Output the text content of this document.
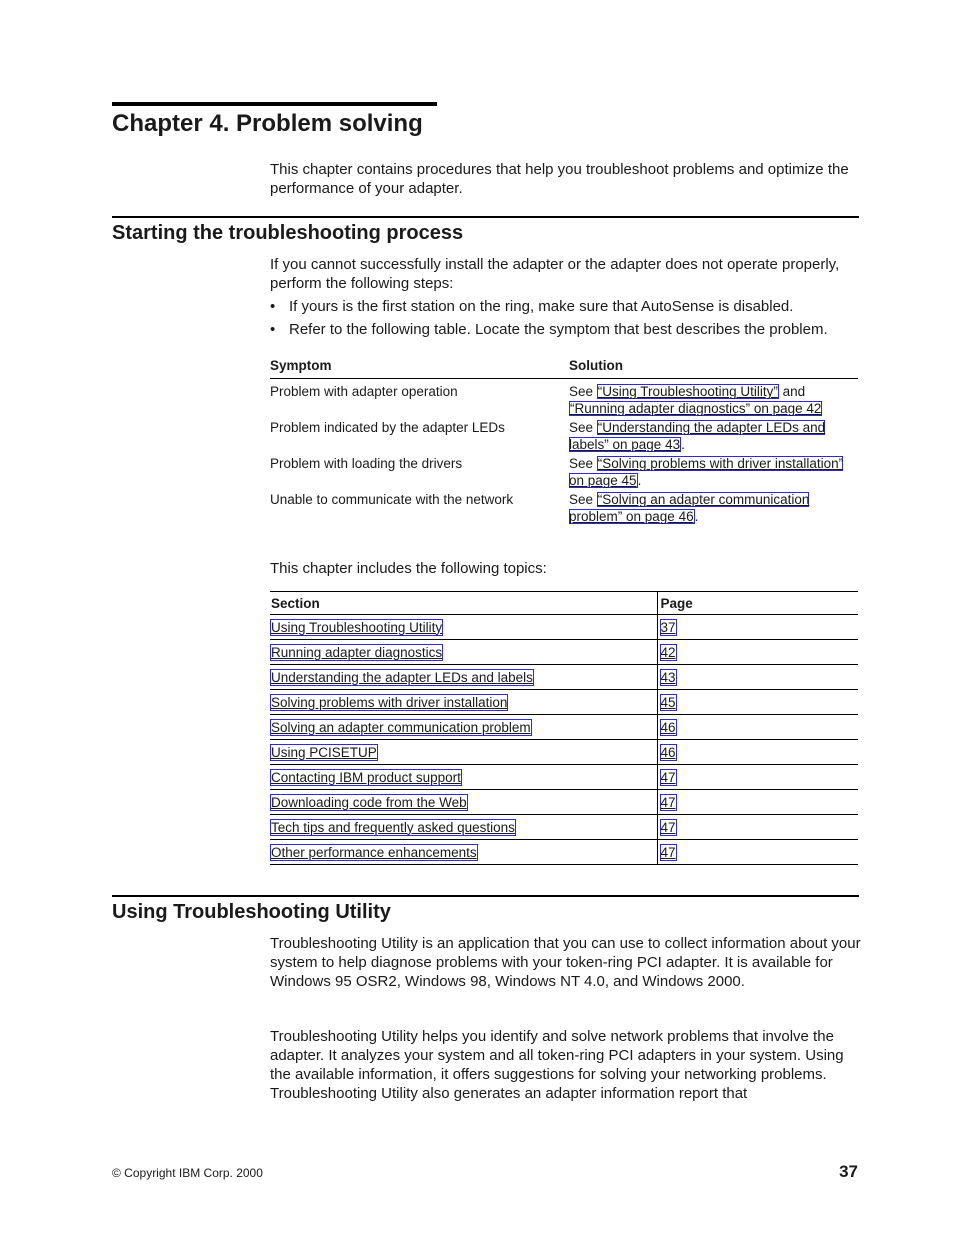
Chapter 4. Problem solving

This chapter contains procedures that help you troubleshoot problems and optimize the performance of your adapter.

Starting the troubleshooting process

If you cannot successfully install the adapter or the adapter does not operate properly, perform the following steps:

• If yours is the first station on the ring, make sure that AutoSense is disabled.
• Refer to the following table. Locate the symptom that best describes the problem.
Symptom	Solution
Problem with adapter operation	See “Using Troubleshooting Utility” and “Running adapter diagnostics” on page 42
Problem indicated by the adapter LEDs	See “Understanding the adapter LEDs and labels” on page 43.
Problem with loading the drivers	See “Solving problems with driver installation” on page 45.
Unable to communicate with the network	See “Solving an adapter communication problem” on page 46.

This chapter includes the following topics:

Section	Page
Using Troubleshooting Utility	37
Running adapter diagnostics	42
Understanding the adapter LEDs and labels	43
Solving problems with driver installation	45
Solving an adapter communication problem	46
Using PCISETUP	46
Contacting IBM product support	47
Downloading code from the Web	47
Tech tips and frequently asked questions	47
Other performance enhancements	47
Using Troubleshooting Utility

Troubleshooting Utility is an application that you can use to collect information about your system to help diagnose problems with your token-ring PCI adapter. It is available for Windows 95 OSR2, Windows 98, Windows NT 4.0, and Windows 2000.

Troubleshooting Utility helps you identify and solve network problems that involve the adapter. It analyzes your system and all token-ring PCI adapters in your system. Using the available information, it offers suggestions for solving your networking problems. Troubleshooting Utility also generates an adapter information report that

© Copyright IBM Corp. 2000	37
